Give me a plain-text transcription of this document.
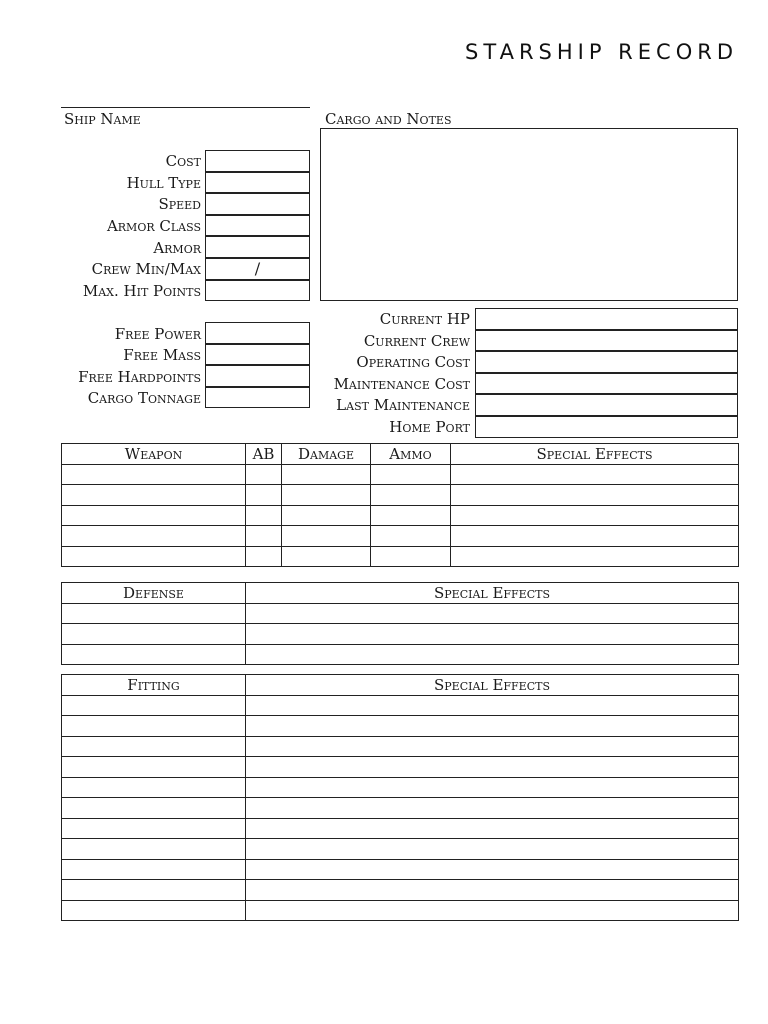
STARSHIP RECORD
Ship Name	Cargo and Notes
Cost
Hull Type
Speed
Armor Class
Armor
Crew Min/Max	/
Max. Hit Points
Free Power
Free Mass
Free Hardpoints
Cargo Tonnage
Current HP
Current Crew
Operating Cost
Maintenance Cost
Last Maintenance
Home Port
Weapon	AB	Damage	Ammo	Special Effects

Defense	Special Effects

Fitting	Special Effects
